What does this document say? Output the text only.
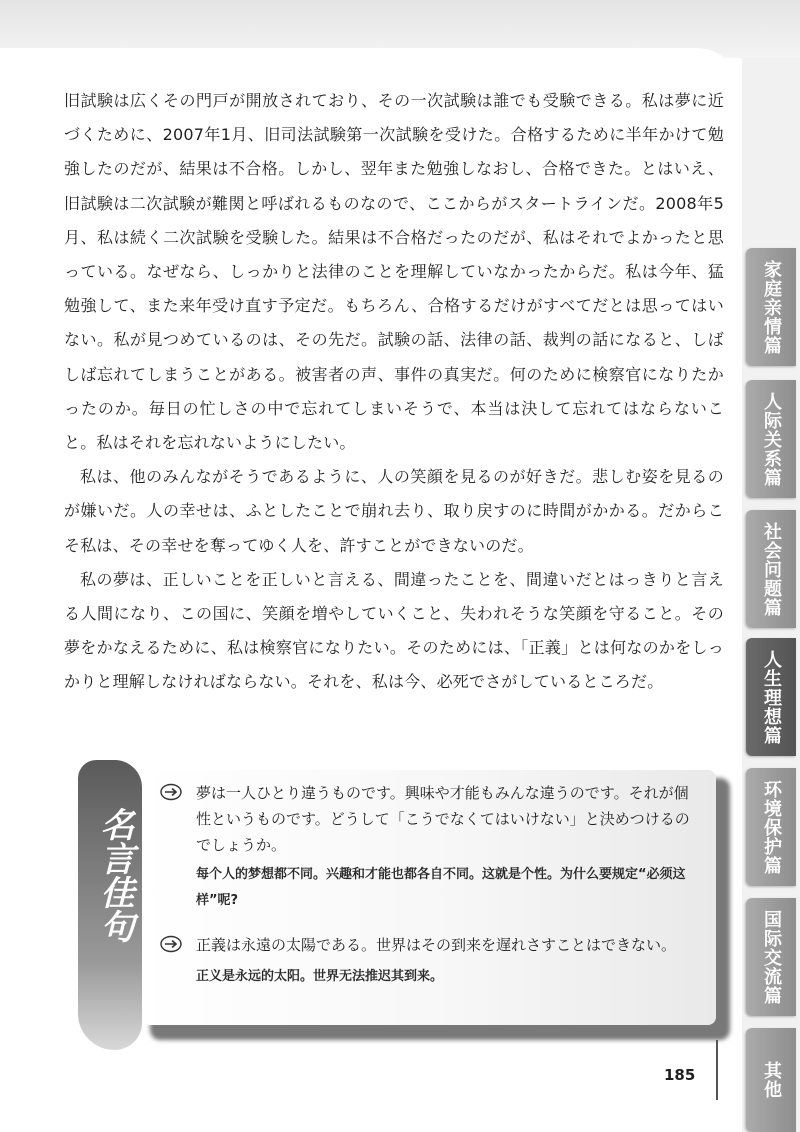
旧試験は広くその門戸が開放されており、その一次試験は誰でも受験できる。私は夢に近づくために、2007年1月、旧司法試験第一次試験を受けた。合格するために半年かけて勉強したのだが、結果は不合格。しかし、翌年また勉強しなおし、合格できた。とはいえ、旧試験は二次試験が難関と呼ばれるものなので、ここからがスタートラインだ。2008年5月、私は続く二次試験を受験した。結果は不合格だったのだが、私はそれでよかったと思っている。なぜなら、しっかりと法律のことを理解していなかったからだ。私は今年、猛勉強して、また来年受け直す予定だ。もちろん、合格するだけがすべてだとは思ってはいない。私が見つめているのは、その先だ。試験の話、法律の話、裁判の話になると、しばしば忘れてしまうことがある。被害者の声、事件の真実だ。何のために検察官になりたかったのか。毎日の忙しさの中で忘れてしまいそうで、本当は決して忘れてはならないこと。私はそれを忘れないようにしたい。

私は、他のみんながそうであるように、人の笑顔を見るのが好きだ。悲しむ姿を見るのが嫌いだ。人の幸せは、ふとしたことで崩れ去り、取り戻すのに時間がかかる。だからこそ私は、その幸せを奪ってゆく人を、許すことができないのだ。

私の夢は、正しいことを正しいと言える、間違ったことを、間違いだとはっきりと言える人間になり、この国に、笑顔を増やしていくこと、失われそうな笑顔を守ること。その夢をかなえるために、私は検察官になりたい。そのためには、「正義」とは何なのかをしっかりと理解しなければならない。それを、私は今、必死でさがしているところだ。

名言佳句
夢は一人ひとり違うものです。興味や才能もみんな違うのです。それが個性というものです。どうして「こうでなくてはいけない」と決めつけるのでしょうか。
每个人的梦想都不同。兴趣和才能也都各自不同。这就是个性。为什么要规定“必须这样”呢?
正義は永遠の太陽である。世界はその到来を遅れさすことはできない。
正义是永远的太阳。世界无法推迟其到来。
家庭亲情篇
人际关系篇
社会问题篇
人生理想篇
环境保护篇
国际交流篇
其他
185
